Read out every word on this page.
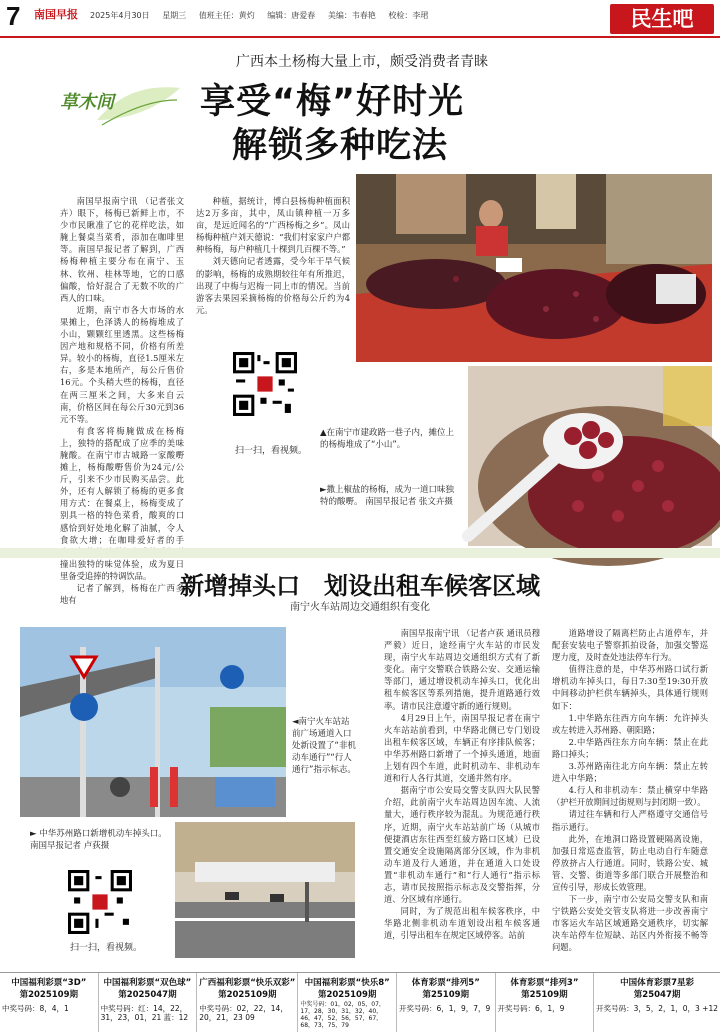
7 南国早报	2025年4月30日 星期三 值班主任：黄灼 编辑：唐爱春 美编：韦春艳 校检：李珺	民生吧
草木间
广西本土杨梅大量上市，颇受消费者青睐
享受“梅”好时光
解锁多种吃法

南国早报南宁讯 （记者张文卉）眼下，杨梅已新鲜上市，不少市民瞅准了它的花样吃法，如腌上餐桌当菜肴，添加在咖啡里等。南国早报记者了解到，广西杨梅种植主要分布在南宁、玉林、钦州、桂林等地，它的口感偏酸，恰好混合了无数不吹的广西人的口味。

近期，南宁市各大市场的水果摊上，色泽诱人的杨梅堆成了小山，颗颗红里透黑。这些杨梅因产地和规格不同，价格有所差异。较小的杨梅，直径1.5厘米左右，多是本地所产，每公斤售价16元。个头稍大些的杨梅，直径在两三厘米之间，大多来自云南，价格区间在每公斤30元到36元不等。

有食客将梅腌做成在杨梅上，独特的搭配成了应季的美味腌酸。在南宁市古城路一家酸嘢摊上，杨梅酸嘢售价为24元/公斤，引来不少市民购买品尝。此外，还有人解锁了杨梅的更多食用方式：在餐桌上，杨梅变成了别具一格的特色菜肴，酸爽的口感恰到好处地化解了油腻，令人食欲大增；在咖啡爱好者的手 撞出独特的味觉体验，成为夏日里备受追捧的特调饮品。

记者了解到，杨梅在广西多地有

种植，据统计，博白县杨梅种植面积达2万多亩，其中，凤山镇种植一万多亩，是远近闻名的“广西杨梅之乡”。凤山杨梅种植户刘天德说：“我们村家家户户都种杨梅，每户种植几十棵到几百棵不等。”

刘天德向记者透露，受今年干旱气候的影响，杨梅的成熟期较往年有所推迟，出现了中梅与迟梅一同上市的情况。当前游客去果园采摘杨梅的价格每公斤约为4元。

扫一扫，看视频。
▲在南宁市建政路一巷子内，摊位上的杨梅堆成了“小山”。
►撒上椒盐的杨梅，成为一道口味独特的酸嘢。 南国早报记者 张文卉摄
新增掉头口　划设出租车候客区域
南宁火车站周边交通组织有变化
◄南宁火车站站前广场通道入口处新设置了“非机动车通行”“行人通行”指示标志。
► 中华苏州路口新增机动车掉头口。 南国早报记者 卢荻摄
扫一扫，看视频。

南国早报南宁讯 （记者卢荻 通讯员穆严毅）近日，途经南宁火车站的市民发现，南宁火车站周边交通组织方式有了新变化。南宁交警联合铁路公安、交通运输等部门，通过增设机动车掉头口，优化出租车候客区等系列措施，提升道路通行效率。请市民注意遵守新的通行规则。

4月29日上午，南国早报记者在南宁火车站站前看到，中华路北侧已专门划设出租车候客区域，车辆正有序排队候客；中华苏州路口新增了一个掉头通道，地面上划有四个车道，此时机动车、非机动车道和行人各行其道，交通井然有序。

据南宁市公安局交警支队四大队民警介绍，此前南宁火车站周边因车流、人流量大，通行秩序较为混乱。为规范通行秩序，近期，南宁火车站站前广场（从城市便捷酒店东往西至红綾方路口区域）已设置交通安全设施隔离部分区域，作为非机动车道及行人通道，并在通道入口处设置“非机动车通行”和“行人通行”指示标志，请市民按照指示标志及交警指挥，分道、分区域有序通行。

同时，为了规范出租车候客秩序，中华路北侧非机动车道划设出租车候客通道，引导出租车在规定区域停客。站前

道路增设了隔离栏防止占道停车，并配套安装电子警察抓拍设备，加强交警巡逻力度，及时查处违法停车行为。

值得注意的是，中华苏州路口试行新增机动车掉头口，每日7:30至19:30开放中间移动护栏供车辆掉头，具体通行规则如下：

1.中华路东往西方向车辆：允许掉头或左转进入苏州路、朝阳路；

2.中华路西往东方向车辆：禁止在此路口掉头；

3.苏州路南往北方向车辆：禁止左转进入中华路；

4.行人和非机动车：禁止横穿中华路（护栏开放期间过街规则与封闭期一致）。

请过往车辆和行人严格遵守交通信号指示通行。

此外，在地洞口路设置硬隔离设施，加强日常巡查监管，防止电动自行车随意停放挤占人行通道。同时，铁路公安、城管、交警、街道等多部门联合开展整治和宣传引导，形成长效管理。

下一步，南宁市公安局交警支队和南宁铁路公安处交管支队将进一步改善南宁市客运火车站区域通路交通秩序，切实解决车站停车位短缺、站区内外衔接不畅等问题。

中国福利彩票“3D”
第2025109期
中奖号码：8，4，1
中国福利彩票“双色球”
第2025047期
中奖号码：红：14，22，31，23，01，21 蓝：12
广西福利彩票“快乐双彩”
第2025109期
中奖号码：02，22，14，20，21，23 09
中国福利彩票“快乐8”
第2025109期
中奖号码：01，02，05，07，17，28，30，31，32，40，46，47，52，56，57，67，68，73，75，79
体育彩票“排列5”
第25109期
开奖号码：6，1，9，7，9
体育彩票“排列3”
第25109期
开奖号码：6，1，9
中国体育彩票7星彩
第25047期
开奖号码：3，5，2，1，0，3 +12
